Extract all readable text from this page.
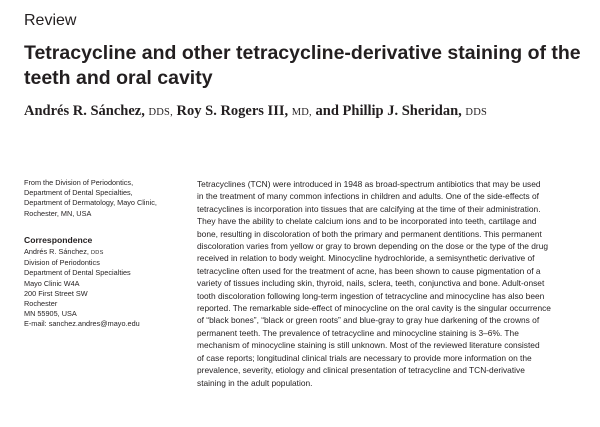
Review
Tetracycline and other tetracycline-derivative staining of the
teeth and oral cavity
Andrés R. Sánchez, DDS, Roy S. Rogers III, MD, and Phillip J. Sheridan, DDS
From the Division of Periodontics,
Department of Dental Specialties,
Department of Dermatology, Mayo Clinic,
Rochester, MN, USA
Correspondence
Andrés R. Sánchez, DDS
Division of Periodontics
Department of Dental Specialties
Mayo Clinic W4A
200 First Street SW
Rochester
MN 55905, USA
E-mail: sanchez.andres@mayo.edu
Tetracyclines (TCN) were introduced in 1948 as broad-spectrum antibiotics that may be used
in the treatment of many common infections in children and adults. One of the side-effects of
tetracyclines is incorporation into tissues that are calcifying at the time of their administration.
They have the ability to chelate calcium ions and to be incorporated into teeth, cartilage and
bone, resulting in discoloration of both the primary and permanent dentitions. This permanent
discoloration varies from yellow or gray to brown depending on the dose or the type of the drug
received in relation to body weight. Minocycline hydrochloride, a semisynthetic derivative of
tetracycline often used for the treatment of acne, has been shown to cause pigmentation of a
variety of tissues including skin, thyroid, nails, sclera, teeth, conjunctiva and bone. Adult-onset
tooth discoloration following long-term ingestion of tetracycline and minocycline has also been
reported. The remarkable side-effect of minocycline on the oral cavity is the singular occurrence
of “black bones”, “black or green roots” and blue-gray to gray hue darkening of the crowns of
permanent teeth. The prevalence of tetracycline and minocycline staining is 3–6%. The
mechanism of minocycline staining is still unknown. Most of the reviewed literature consisted
of case reports; longitudinal clinical trials are necessary to provide more information on the
prevalence, severity, etiology and clinical presentation of tetracycline and TCN-derivative
staining in the adult population.
